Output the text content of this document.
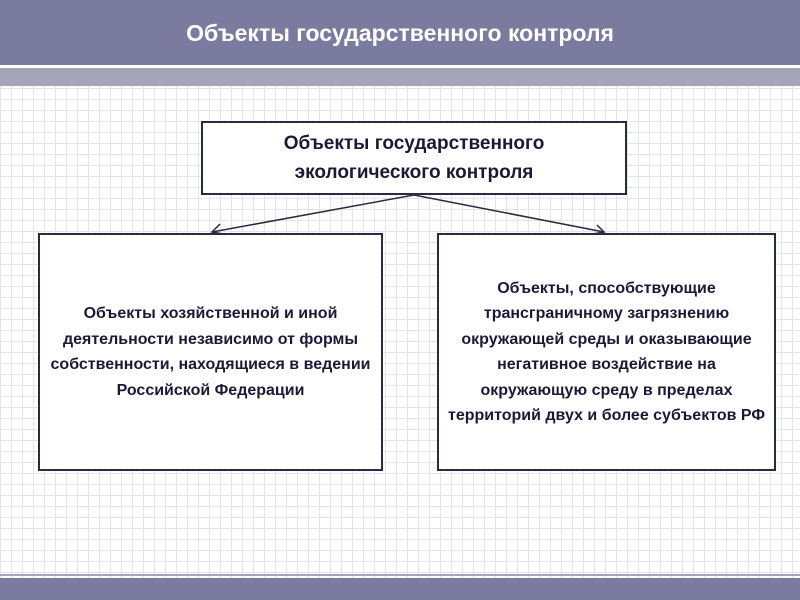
Объекты государственного контроля
Объекты государственного экологического контроля
Объекты хозяйственной и иной деятельности независимо от формы собственности, находящиеся в ведении Российской Федерации
Объекты, способствующие трансграничному загрязнению окружающей среды и оказывающие негативное воздействие на окружающую среду в пределах территорий двух и более субъектов РФ
